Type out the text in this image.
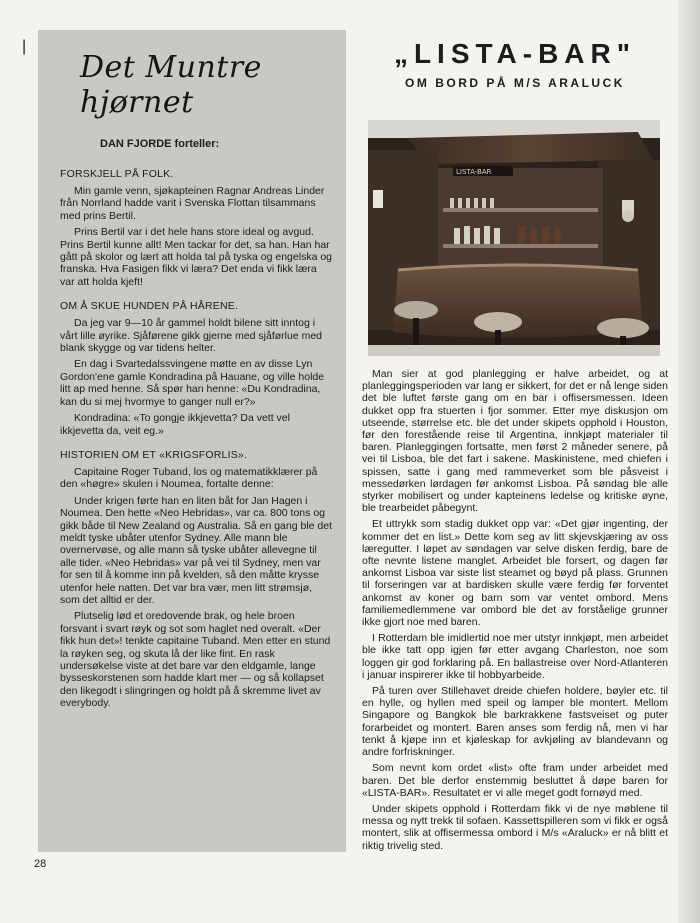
|
Det Muntre hjørnet
DAN FJORDE forteller:
FORSKJELL PÅ FOLK.

Min gamle venn, sjøkapteinen Ragnar Andreas Linder från Norrland hadde varit i Svenska Flottan tilsammans med prins Bertil.

Prins Bertil var i det hele hans store ideal og avgud. Prins Bertil kunne allt! Men tackar for det, sa han. Han har gått på skolor og lært att holda tal på tyska og engelska og franska. Hva Fasigen fikk vi læra? Det enda vi fikk læra var att holda kjeft!

OM Å SKUE HUNDEN PÅ HÅRENE.

Da jeg var 9—10 år gammel holdt bilene sitt inntog i vårt lille øyrike. Sjåførene gikk gjerne med sjåførlue med blank skygge og var tidens helter.

En dag i Svartedalssvingene møtte en av disse Lyn Gordon'ene gamle Kondradina på Hauane, og ville holde litt ap med henne. Så spør han henne: «Du Kondradina, kan du si mej hvormye to ganger null er?»

Kondradina: «To gongje ikkjevetta? Da vett vel ikkjevetta da, veit eg.»

HISTORIEN OM ET «KRIGSFORLIS».

Capitaine Roger Tuband, los og matematikklærer på den «høgre» skulen i Noumea, fortalte denne:

Under krigen førte han en liten båt for Jan Hagen i Noumea. Den hette «Neo Hebridas», var ca. 800 tons og gikk både til New Zealand og Australia. Så en gang ble det meldt tyske ubåter utenfor Sydney. Alle mann ble overnervøse, og alle mann så tyske ubåter allevegne til alle tider. «Neo Hebridas» var på vei til Sydney, men var for sen til å komme inn på kvelden, så den måtte krysse utenfor hele natten. Det var bra vær, men litt strømsjø, som det alltid er der.

Plutselig lød et oredovende brak, og hele broen forsvant i svart røyk og sot som haglet ned overalt. «Der fikk hun det»! tenkte capitaine Tuband. Men etter en stund la røyken seg, og skuta lå der like fint. En rask undersøkelse viste at det bare var den eldgamle, lange bysseskorstenen som hadde klart mer — og så kollapset den likegodt i slingringen og holdt på å skremme livet av everybody.

„LISTA-BAR"
OM BORD PÅ M/S ARALUCK
LISTA-BAR

Man sier at god planlegging er halve arbeidet, og at planleggingsperioden var lang er sikkert, for det er nå lenge siden det ble luftet første gang om en bar i offisersmessen. Ideen dukket opp fra stuerten i fjor sommer. Etter mye diskusjon om utseende, størrelse etc. ble det under skipets opphold i Houston, før den forestående reise til Argentina, innkjøpt materialer til baren. Planleggingen fortsatte, men først 2 måneder senere, på vei til Lisboa, ble det fart i sakene. Maskinistene, med chiefen i spissen, satte i gang med rammeverket som ble påsveist i messedørken lørdagen før ankomst Lisboa. På søndag ble alle styrker mobilisert og under kapteinens ledelse og kritiske øyne, ble trearbeidet påbegynt.

Et uttrykk som stadig dukket opp var: «Det gjør ingenting, der kommer det en list.» Dette kom seg av litt skjevskjæring av oss læregutter. I løpet av søndagen var selve disken ferdig, bare de ofte nevnte listene manglet. Arbeidet ble forsert, og dagen før ankomst Lisboa var siste list steamet og bøyd på plass. Grunnen til forseringen var at bardisken skulle være ferdig før forventet ankomst av koner og barn som var ventet ombord. Mens familiemedlemmene var ombord ble det av forståelige grunner ikke gjort noe med baren.

I Rotterdam ble imidlertid noe mer utstyr innkjøpt, men arbeidet ble ikke tatt opp igjen før etter avgang Charleston, noe som loggen gir god forklaring på. En ballastreise over Nord-Atlanteren i januar inspirerer ikke til hobbyarbeide.

På turen over Stillehavet dreide chiefen holdere, bøyler etc. til en hylle, og hyllen med speil og lamper ble montert. Mellom Singapore og Bangkok ble barkrakkene fastsveiset og puter forarbeidet og montert. Baren anses som ferdig nå, men vi har tenkt å kjøpe inn et kjøleskap for avkjøling av blandevann og andre forfriskninger.

Som nevnt kom ordet «list» ofte fram under arbeidet med baren. Det ble derfor enstemmig besluttet å døpe baren for «LISTA-BAR». Resultatet er vi alle meget godt fornøyd med.

Under skipets opphold i Rotterdam fikk vi de nye møblene til messa og nytt trekk til sofaen. Kassettspilleren som vi fikk er også montert, slik at offisermessa ombord i M/s «Araluck» er nå blitt et riktig trivelig sted.

28
